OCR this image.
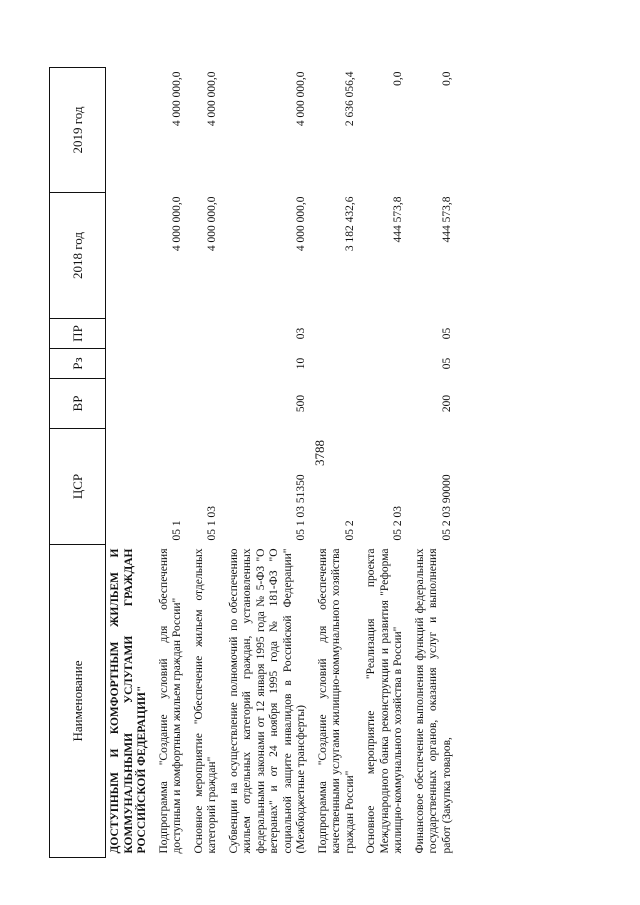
3788
Наименование	ЦСР	ВР	Рз	ПР	2018 год	2019 год
ДОСТУПНЫМ И КОМФОРТНЫМ ЖИЛЬЕМ И КОММУНАЛЬНЫМИ УСЛУГАМИ ГРАЖДАН РОССИЙСКОЙ ФЕДЕРАЦИИ"						
Подпрограмма "Создание условий для обеспечения доступным и комфортным жильем граждан России"	05 1				4 000 000,0	4 000 000,0
Основное мероприятие "Обеспечение жильем отдельных категорий граждан"	05 1 03				4 000 000,0	4 000 000,0
Субвенции на осуществление полномочий по обеспечению жильем отдельных категорий граждан, установленных федеральными законами от 12 января 1995 года № 5-ФЗ "О ветеранах" и от 24 ноября 1995 года № 181-ФЗ "О социальной защите инвалидов в Российской Федерации" (Межбюджетные трансферты)	05 1 03 51350	500	10	03	4 000 000,0	4 000 000,0
Подпрограмма "Создание условий для обеспечения качественными услугами жилищно-коммунального хозяйства граждан России"	05 2				3 182 432,6	2 636 056,4
Основное мероприятие "Реализация проекта Международного банка реконструкции и развития "Реформа жилищно-коммунального хозяйства в России"	05 2 03				444 573,8	0,0
Финансовое обеспечение выполнения функций федеральных государственных органов, оказания услуг и выполнения работ (Закупка товаров,	05 2 03 90000	200	05	05	444 573,8	0,0
